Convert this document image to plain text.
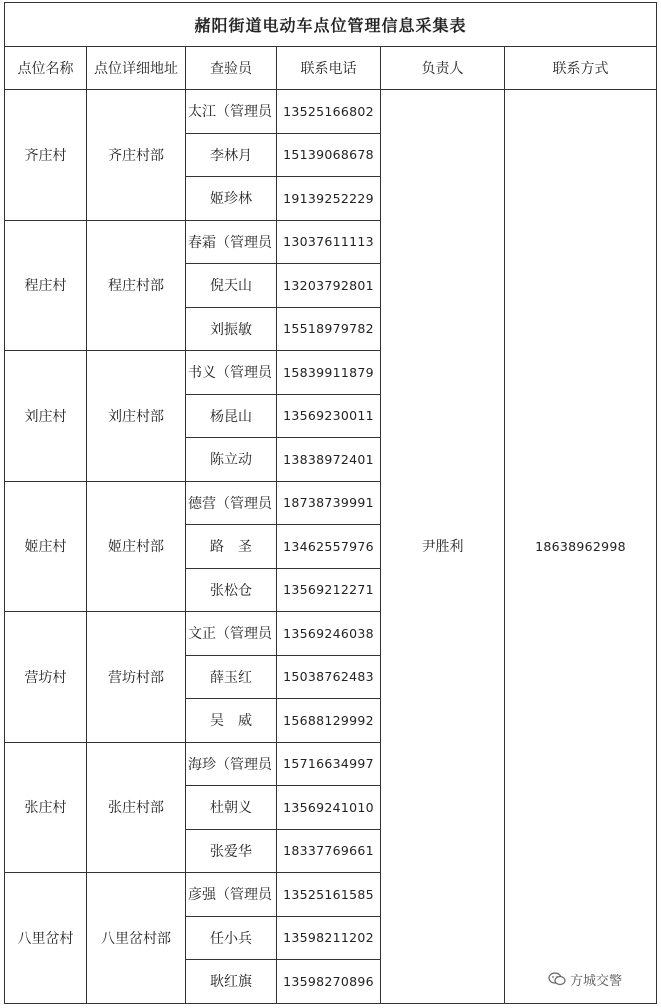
赭阳街道电动车点位管理信息采集表					
点位名称	点位详细地址	查验员	联系电话	负责人	联系方式
齐庄村	齐庄村部	太江（管理员	13525166802	尹胜利	18638962998
		李林月	15139068678		
		姬珍林	19139252229		
程庄村	程庄村部	春霜（管理员	13037611113		
		倪天山	13203792801		
		刘振敏	15518979782		
刘庄村	刘庄村部	书义（管理员	15839911879		
		杨昆山	13569230011		
		陈立动	13838972401		
姬庄村	姬庄村部	德营（管理员	18738739991		
		路　圣	13462557976		
		张松仓	13569212271		
营坊村	营坊村部	文正（管理员	13569246038		
		薛玉红	15038762483		
		吴　威	15688129992		
张庄村	张庄村部	海珍（管理员	15716634997		
		杜朝义	13569241010		
		张爱华	18337769661		
八里岔村	八里岔村部	彦强（管理员	13525161585		
		任小兵	13598211202		
		耿红旗	13598270896			方城交警
